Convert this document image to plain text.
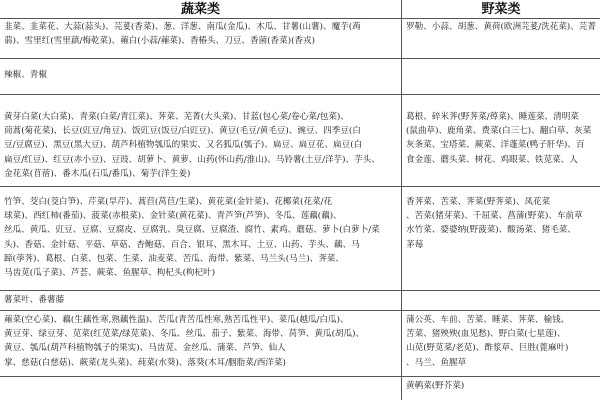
蔬菜类	野菜类
韭菜、韭菜花、大蒜(蒜头)、芫荽(香菜)、葱、洋葱、南瓜(金瓜)、木瓜、甘薯(山薯)、魔芋(蒟
蒻)、雪里红(雪里蕻/梅乾菜)、蕹白(小蒜/蕹菜)、香椿头、刀豆、香菌(香菜)(香戎)
罗勒、小蒜、胡葱、黄荷(欧洲芫荽/洗花菜)、芫菁
辣椒、青椒
黄芽白菜(大白菜)、青菜(白菜/青江菜)、荠菜、芜菁(大头菜)、甘蓝(包心菜/卷心菜/包菜)、
茼蒿(菊花菜)、长豆(豇豆/角豆)、饭豇豆(饭豆/白豇豆)、黄豆(毛豆/黄毛豆)、豌豆、四季豆(白
豆/豆腐豆)、黑豆(黑大豆)、葫芦科植物瓠瓜的果实、又名狐瓜(瓠子)、扁豆、扁豆花、扁豆(白
扁豆/红豆)、红豆(赤小豆)、豆豉、胡萝卜、黄萝、山药(怀山药/淮山)、马铃薯(土豆/洋芋)、芋头、
金花菜(苜蓿)、番木瓜(石瓜/番瓜)、菊芋(洋生姜)
葛根、碎米荠(野荠菜/蔊菜)、睡莲菜、清明菜
(鼠曲草)、鹿角菜、费菜(白三七)、翻白草、灰菜
灰条菜、宝塔菜、蕨菜、洋蓬菜(鸭子肝华)、百
食金莲、蘑头菜、树花、鸡眼菜、铁苋菜、人
竹笋、茭白(茭白笋)、芹菜(旱芹)、蒿苣(莴苣/生菜)、黄花菜(金针菜)、花椰菜(花菜/花
球菜)、西红柿(番茄)、菠菜(赤根菜)、金针菜(黄花菜)、青芦笋(芦笋)、冬瓜、莲藕(藕)、
丝瓜、黄瓜、豇豆、豆腐、豆腐皮、豆腐乳、臭豆腐、豆腐渣、腐竹、素鸡、蘑菇、萝卜(白萝卜/菜
头)、香菇、金针菇、平菇、草菇、杏鲍菇、百合、银耳、黑木耳、土豆、山药、芋头、藕、马
蹄(荸荠)、葛根、白菜、包菜、生菜、油麦菜、苦瓜、海带、紫菜、马兰头(马兰)、荠菜、
马齿苋(瓜子菜)、芦荟、蕨菜、鱼腥草、枸杞头(枸杞叶)
香荠菜、苦菜、荠菜(野荠菜)、凤花菜
、苦菜(猪芽菜)、千屈菜、菖蒲(野菜)、车前草
水竹菜、婆婆纳(野菠菜)、酸汤菜、猪毛菜、
茅莓
薯菜叶、番薯藤
蕹菜(空心菜)、藕(生藕性寒,熟藕性温)、苦瓜(青苦瓜性寒,熟苦瓜性平)、菜瓜(越瓜/白瓜)、
黄豆芽、绿豆芽、苋菜(红苋菜/绿苋菜)、冬瓜、丝瓜、茄子、紫菜、海带、莴笋、黄瓜(胡瓜)、
黄豆、瓠瓜(葫芦科植物瓠子的果实)、马齿苋、金丝瓜、蒲菜、芦笋、仙人
掌、慈菇(白慈菇)、蕨菜(龙头菜)、莼菜(水葵)、落葵(木耳/胭脂菜/西洋菜)
蒲公英、车前、苦菜、睡菜、荠菜、榆钱、
苦菜、猪殃殃(血见愁)、野白菜(七星莲)、
山苋(野苋菜/老苋)、酢浆草、巨胜(蓖麻叶)
、马兰、鱼腥草
黄鹌菜(野芥菜)
